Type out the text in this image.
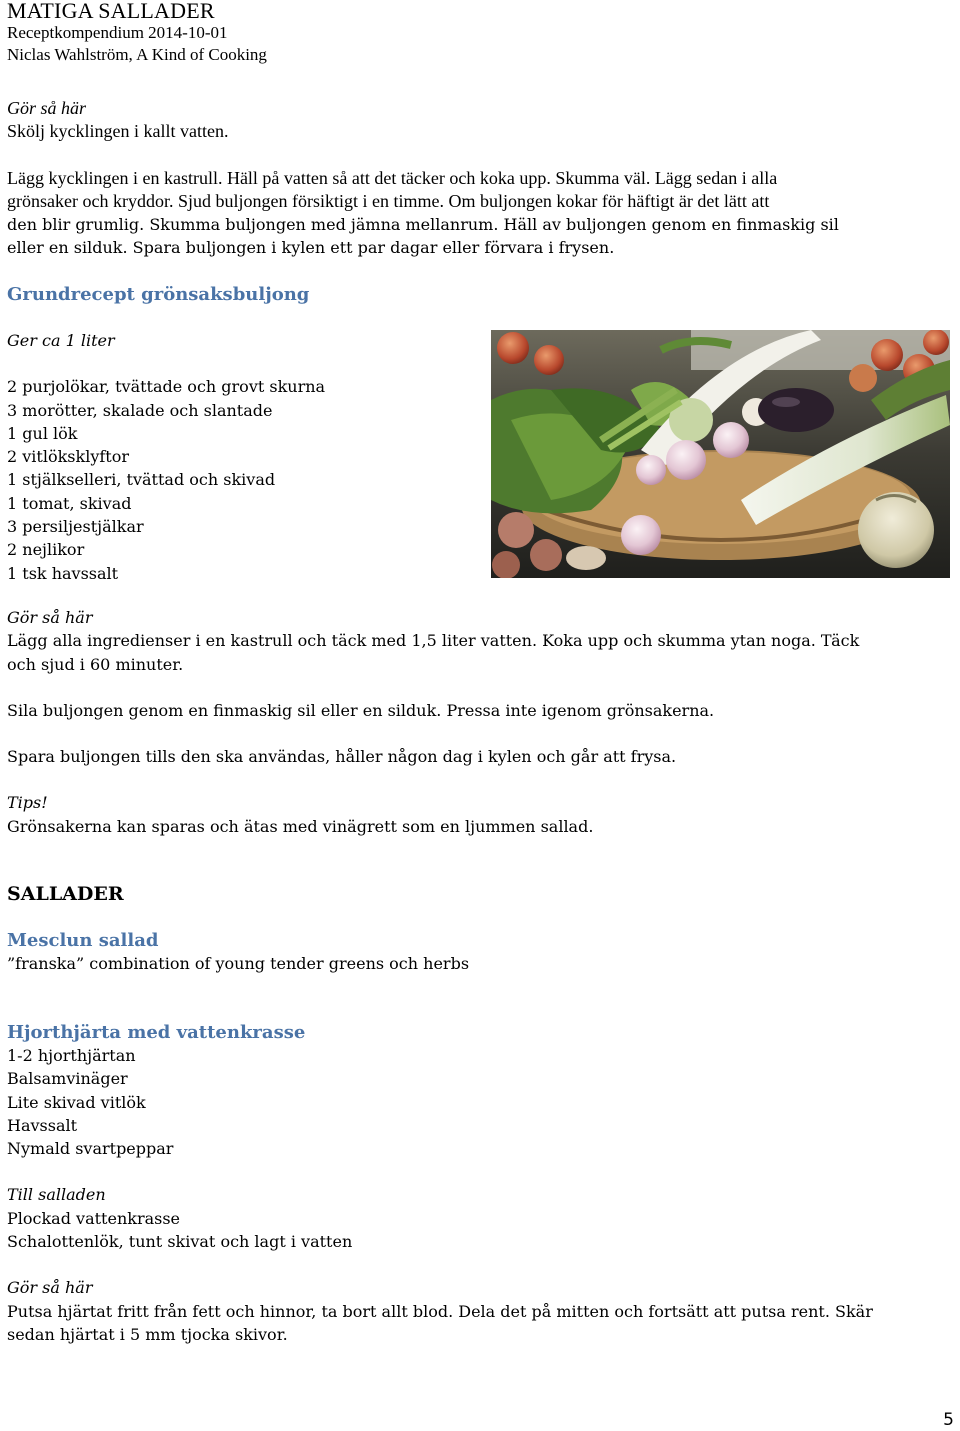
MATIGA SALLADER

Receptkompendium 2014-10-01

Niclas Wahlström, A Kind of Cooking

Gör så här

Skölj kycklingen i kallt vatten.

Lägg kycklingen i en kastrull. Häll på vatten så att det täcker och koka upp. Skumma väl. Lägg sedan i alla

grönsaker och kryddor. Sjud buljongen försiktigt i en timme. Om buljongen kokar för häftigt är det lätt att

den blir grumlig. Skumma buljongen med jämna mellanrum. Häll av buljongen genom en finmaskig sil

eller en silduk. Spara buljongen i kylen ett par dagar eller förvara i frysen.

Grundrecept grönsaksbuljong

Ger ca 1 liter

2 purjolökar, tvättade och grovt skurna
3 morötter, skalade och slantade
1 gul lök
2 vitlöksklyftor
1 stjälkselleri, tvättad och skivad
1 tomat, skivad
3 persiljestjälkar
2 nejlikor
1 tsk havssalt

Gör så här

Lägg alla ingredienser i en kastrull och täck med 1,5 liter vatten. Koka upp och skumma ytan noga. Täck

och sjud i 60 minuter.

Sila buljongen genom en finmaskig sil eller en silduk. Pressa inte igenom grönsakerna.

Spara buljongen tills den ska användas, håller någon dag i kylen och går att frysa.

Tips!

Grönsakerna kan sparas och ätas med vinägrett som en ljummen sallad.

SALLADER

Mesclun sallad

”franska” combination of young tender greens och herbs

Hjorthjärta med vattenkrasse

1-2 hjorthjärtan
Balsamvinäger
Lite skivad vitlök
Havssalt
Nymald svartpeppar

Till salladen

Plockad vattenkrasse
Schalottenlök, tunt skivat och lagt i vatten

Gör så här

Putsa hjärtat fritt från fett och hinnor, ta bort allt blod. Dela det på mitten och fortsätt att putsa rent. Skär

sedan hjärtat i 5 mm tjocka skivor.

5
